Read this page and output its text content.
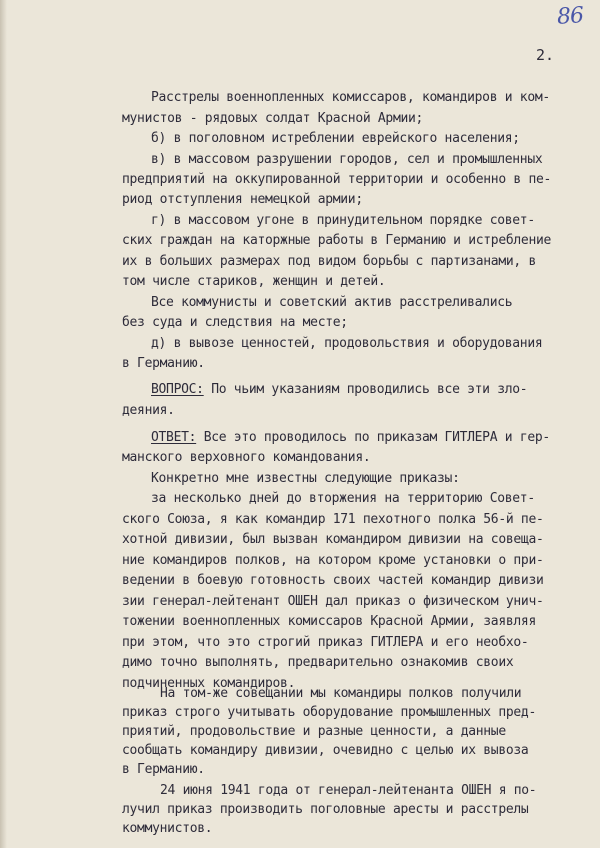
86
2.
Расстрелы военнопленных комиссаров, командиров и ком-
мунистов - рядовых солдат Красной Армии;
б) в поголовном истреблении еврейского населения;
в) в массовом разрушении городов, сел и промышленных
предприятий на оккупированной территории и особенно в пе-
риод отступления немецкой армии;
г) в массовом угоне в принудительном порядке совет-
ских граждан на каторжные работы в Германию и истребление
их в больших размерах под видом борьбы с партизанами, в
том числе стариков, женщин и детей.
Все коммунисты и советский актив расстреливались
без суда и следствия на месте;
д) в вывозе ценностей, продовольствия и оборудования
в Германию.
ВОПРОС: По чьим указаниям проводились все эти зло-
деяния.
ОТВЕТ: Все это проводилось по приказам ГИТЛЕРА и гер-
манского верховного командования.
Конкретно мне известны следующие приказы:
за несколько дней до вторжения на территорию Совет-
ского Союза, я как командир 171 пехотного полка 56-й пе-
хотной дивизии, был вызван командиром дивизии на совеща-
ние командиров полков, на котором кроме установки о при-
ведении в боевую готовность своих частей командир дивизи
зии генерал-лейтенант ОШЕН дал приказ о физическом унич-
тожении военнопленных комиссаров Красной Армии, заявляя
при этом, что это строгий приказ ГИТЛЕРА и его необхо-
димо точно выполнять, предварительно ознакомив своих
подчиненных командиров.
На том-же совещании мы командиры полков получили
приказ строго учитывать оборудование промышленных пред-
приятий, продовольствие и разные ценности, а данные
сообщать командиру дивизии, очевидно с целью их вывоза
в Германию.
24 июня 1941 года от генерал-лейтенанта ОШЕН я по-
лучил приказ производить поголовные аресты и расстрелы
коммунистов.
